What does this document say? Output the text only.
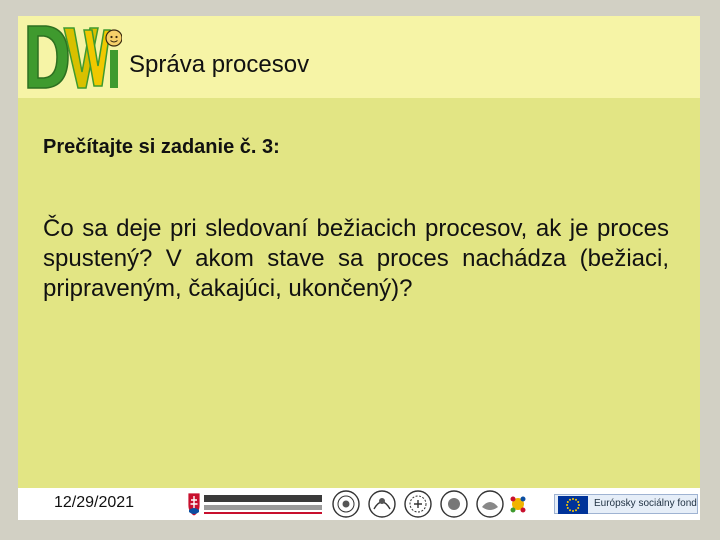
Správa procesov
Prečítajte si zadanie č. 3:

Čo sa deje pri sledovaní bežiacich procesov, ak je proces spustený? V akom stave sa proces nachádza (bežiaci, pripraveným, čakajúci, ukončený)?

12/29/2021	Európsky sociálny fond
